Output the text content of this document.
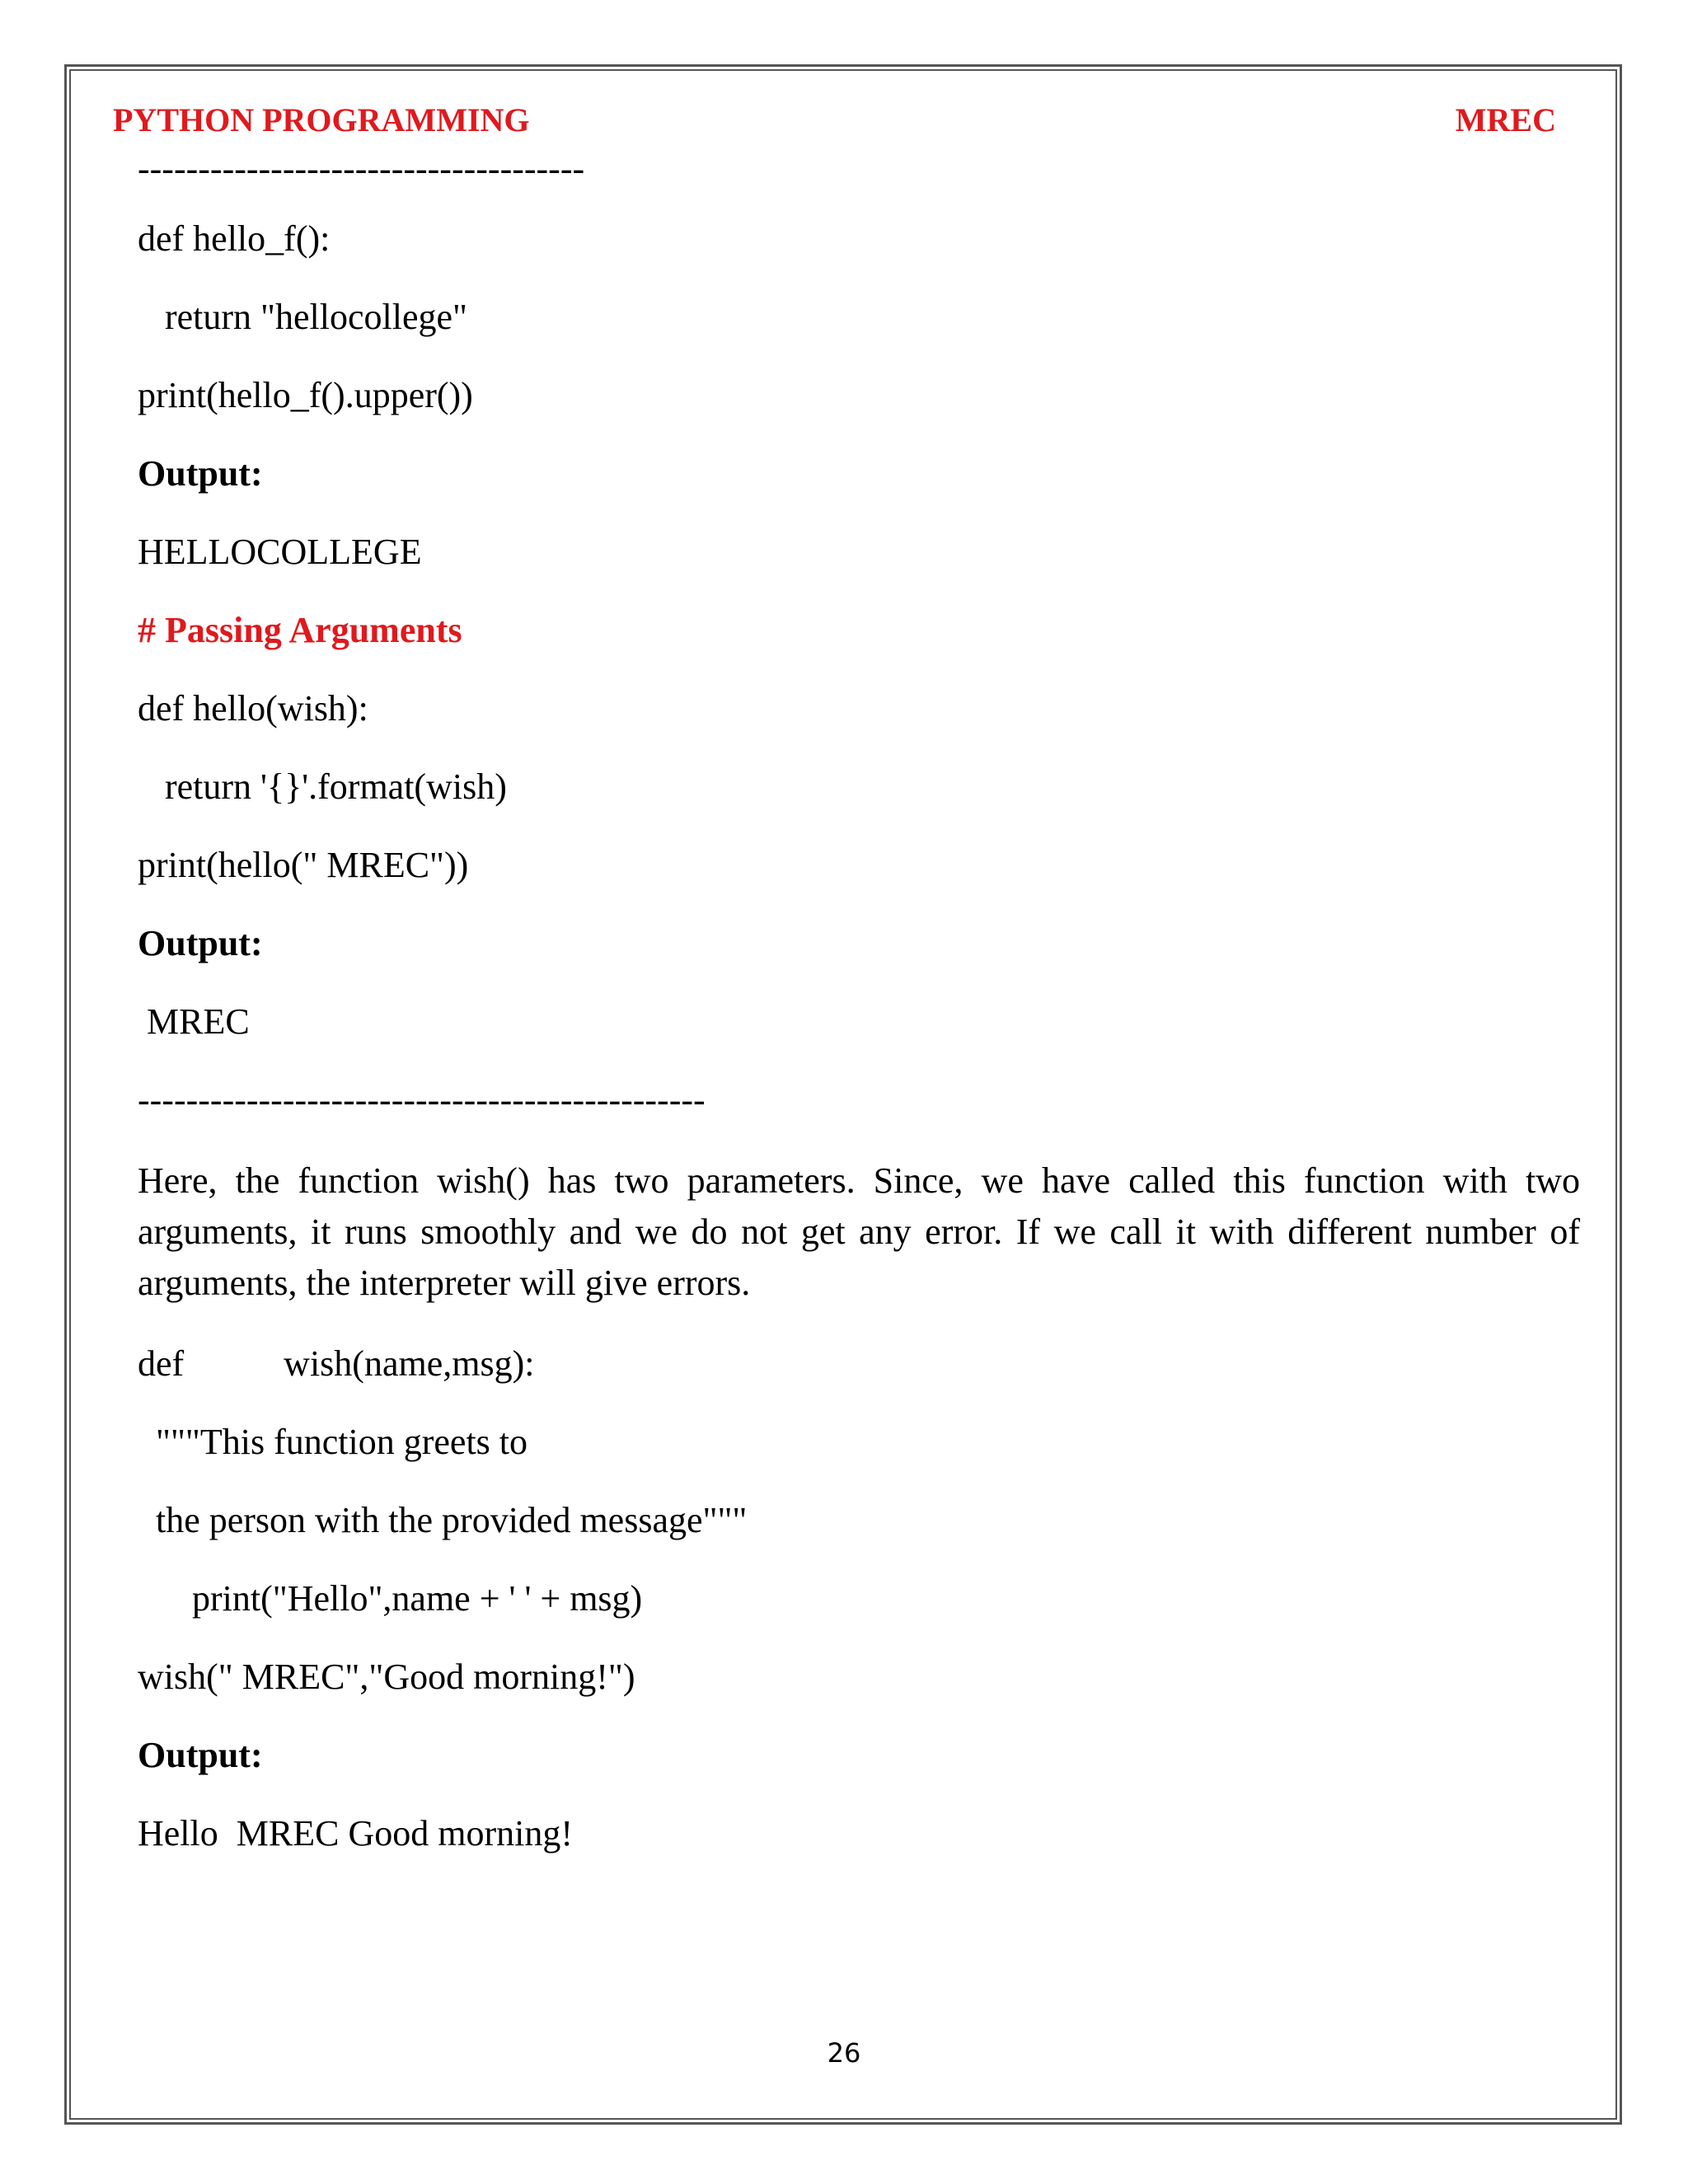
PYTHON PROGRAMMING	MREC
-------------------------------------
def hello_f():
return "hellocollege"
print(hello_f().upper())
Output:
HELLOCOLLEGE
# Passing Arguments
def hello(wish):
return '{}'.format(wish)
print(hello(" MREC"))
Output:
MREC
-----------------------------------------------
Here, the function wish() has two parameters. Since, we have called this function with two arguments, it runs smoothly and we do not get any error. If we call it with different number of arguments, the interpreter will give errors.
def           wish(name,msg):
"""This function greets to
the person with the provided message"""
print("Hello",name + ' ' + msg)
wish(" MREC","Good morning!")
Output:
Hello  MREC Good morning!
26
